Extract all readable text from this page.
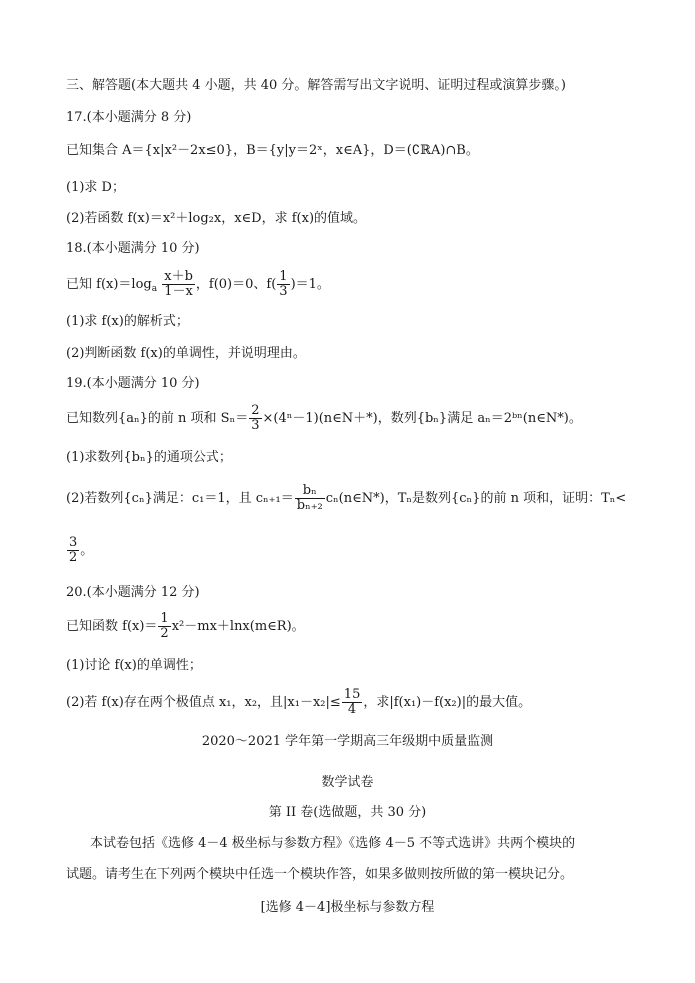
三、解答题(本大题共 4 小题，共 40 分。解答需写出文字说明、证明过程或演算步骤。)
17.(本小题满分 8 分)
已知集合 A＝{x|x²－2x≤0}，B＝{y|y＝2ˣ，x∈A}，D＝(∁ℝA)∩B。
(1)求 D；
(2)若函数 f(x)＝x²＋log₂x，x∈D，求 f(x)的值域。
18.(本小题满分 10 分)
已知 $f(x)=\log_a \frac{x+b}{1-x}$ ，f(0)＝0、$f( \frac{1}{3} )=1$。
(1)求 f(x)的解析式；
(2)判断函数 f(x)的单调性，并说明理由。
19.(本小题满分 10 分)
已知数列{aₙ}的前 n 项和 $S_n= \frac{2}{3}$ ×(4ⁿ－1)(n∈N＋*)，数列{bₙ}满足 aₙ＝2ᵇⁿ(n∈N*)。
(1)求数列{bₙ}的通项公式；
(2)若数列{cₙ}满足：c₁＝1，且 $c_{n+1}= \frac{\text{bₙ}}{\text{bₙ₊₂}}$ cₙ(n∈N*)，Tₙ是数列{cₙ}的前 n 项和，证明：Tₙ<
$\frac{3}{2}$ 。
20.(本小题满分 12 分)
已知函数 $f(x)= \frac{1}{2}$ x²－mx＋lnx(m∈R)。
(1)讨论 f(x)的单调性；
(2)若 f(x)存在两个极值点 x₁，x₂，且$|x_1-x_2|\le \frac{15}{4}$ ，求|f(x₁)－f(x₂)|的最大值。
2020～2021 学年第一学期高三年级期中质量监测
数学试卷
第 II 卷(选做题，共 30 分)
本试卷包括《选修 4－4 极坐标与参数方程》《选修 4－5 不等式选讲》共两个模块的
试题。请考生在下列两个模块中任选一个模块作答，如果多做则按所做的第一模块记分。
[选修 4－4]极坐标与参数方程
